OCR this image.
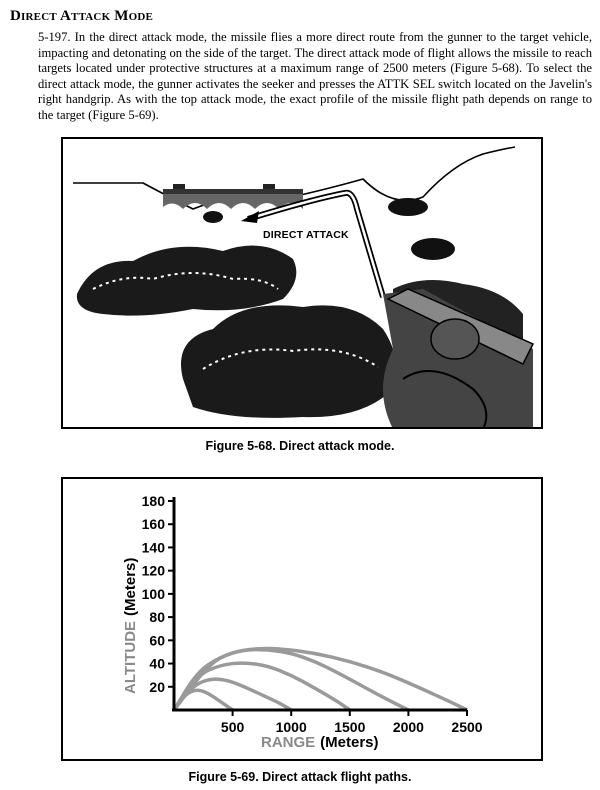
Direct Attack Mode
5-197. In the direct attack mode, the missile flies a more direct route from the gunner to the target vehicle, impacting and detonating on the side of the target. The direct attack mode of flight allows the missile to reach targets located under protective structures at a maximum range of 2500 meters (Figure 5-68). To select the direct attack mode, the gunner activates the seeker and presses the ATTK SEL switch located on the Javelin's right handgrip. As with the top attack mode, the exact profile of the missile flight path depends on range to the target (Figure 5-69).
DIRECT ATTACK
Figure 5-68. Direct attack mode.
20
40
60
80
100
120
140
160
180
500 1000 1500 2000 2500
ALTITUDE(Meters)
RANGE (Meters)
Figure 5-69. Direct attack flight paths.
